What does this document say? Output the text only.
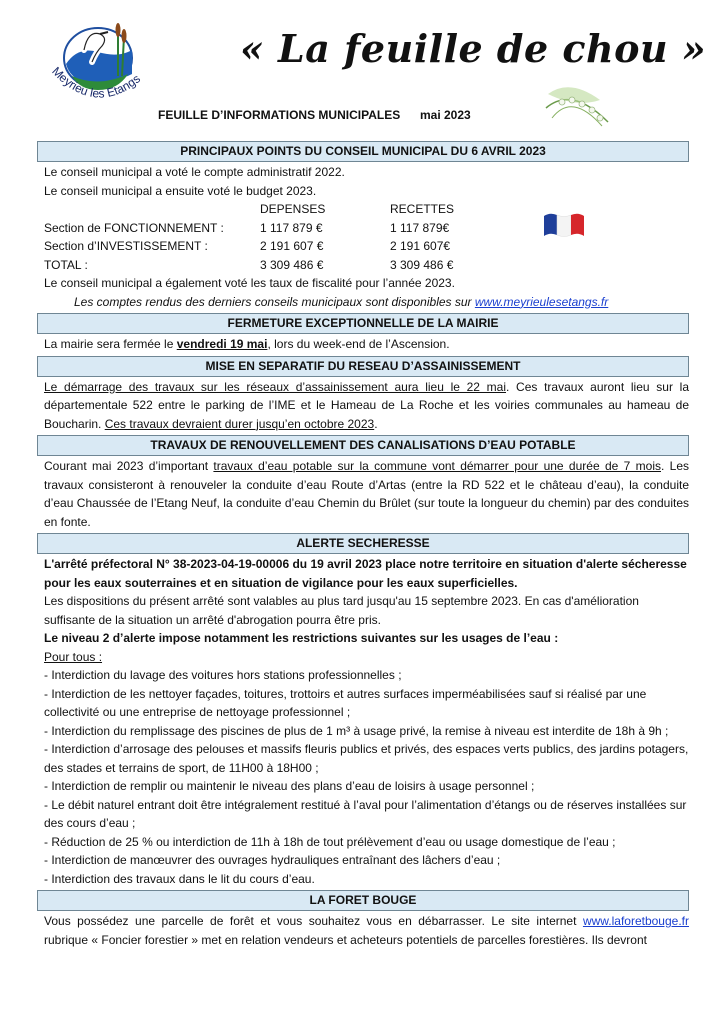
Meyrieu les Etangs
« La feuille de chou »
FEUILLE D’INFORMATIONS MUNICIPALES mai 2023
PRINCIPAUX POINTS DU CONSEIL MUNICIPAL DU 6 AVRIL 2023
Le conseil municipal a voté le compte administratif 2022.
Le conseil municipal a ensuite voté le budget 2023.
DEPENSES	RECETTES
Section de FONCTIONNEMENT :	1 117 879 €	1 117 879€
Section d’INVESTISSEMENT :	2 191 607 €	2 191 607€
TOTAL :	3 309 486 €	3 309 486 €
Le conseil municipal a également voté les taux de fiscalité pour l’année 2023.
Les comptes rendus des derniers conseils municipaux sont disponibles sur www.meyrieulesetangs.fr
FERMETURE EXCEPTIONNELLE DE LA MAIRIE
La mairie sera fermée le vendredi 19 mai, lors du week-end de l’Ascension.
MISE EN SEPARATIF DU RESEAU D’ASSAINISSEMENT
Le démarrage des travaux sur les réseaux d’assainissement aura lieu le 22 mai. Ces travaux auront lieu sur la départementale 522 entre le parking de l’IME et le Hameau de La Roche et les voiries communales au hameau de Boucharin. Ces travaux devraient durer jusqu’en octobre 2023.
TRAVAUX DE RENOUVELLEMENT DES CANALISATIONS D’EAU POTABLE
Courant mai 2023 d’important travaux d’eau potable sur la commune vont démarrer pour une durée de 7 mois. Les travaux consisteront à renouveler la conduite d’eau Route d’Artas (entre la RD 522 et le château d’eau), la conduite d’eau Chaussée de l’Etang Neuf, la conduite d’eau Chemin du Brûlet (sur toute la longueur du chemin) par des conduites en fonte.
ALERTE SECHERESSE
L'arrêté préfectoral N° 38-2023-04-19-00006 du 19 avril 2023 place notre territoire en situation d'alerte sécheresse pour les eaux souterraines et en situation de vigilance pour les eaux superficielles.
Les dispositions du présent arrêté sont valables au plus tard jusqu'au 15 septembre 2023. En cas d'amélioration suffisante de la situation un arrêté d'abrogation pourra être pris.
Le niveau 2 d’alerte impose notamment les restrictions suivantes sur les usages de l’eau :
Pour tous :
- Interdiction du lavage des voitures hors stations professionnelles ;
- Interdiction de les nettoyer façades, toitures, trottoirs et autres surfaces imperméabilisées sauf si réalisé par une collectivité ou une entreprise de nettoyage professionnel ;
- Interdiction du remplissage des piscines de plus de 1 m³ à usage privé, la remise à niveau est interdite de 18h à 9h ;
- Interdiction d’arrosage des pelouses et massifs fleuris publics et privés, des espaces verts publics, des jardins potagers, des stades et terrains de sport, de 11H00 à 18H00 ;
- Interdiction de remplir ou maintenir le niveau des plans d’eau de loisirs à usage personnel ;
- Le débit naturel entrant doit être intégralement restitué à l’aval pour l’alimentation d’étangs ou de réserves installées sur des cours d’eau ;
- Réduction de 25 % ou interdiction de 11h à 18h de tout prélèvement d’eau ou usage domestique de l’eau ;
- Interdiction de manœuvrer des ouvrages hydrauliques entraînant des lâchers d’eau ;
- Interdiction des travaux dans le lit du cours d’eau.
LA FORET BOUGE
Vous possédez une parcelle de forêt et vous souhaitez vous en débarrasser. Le site internet www.laforetbouge.fr rubrique « Foncier forestier » met en relation vendeurs et acheteurs potentiels de parcelles forestières. Ils devront
